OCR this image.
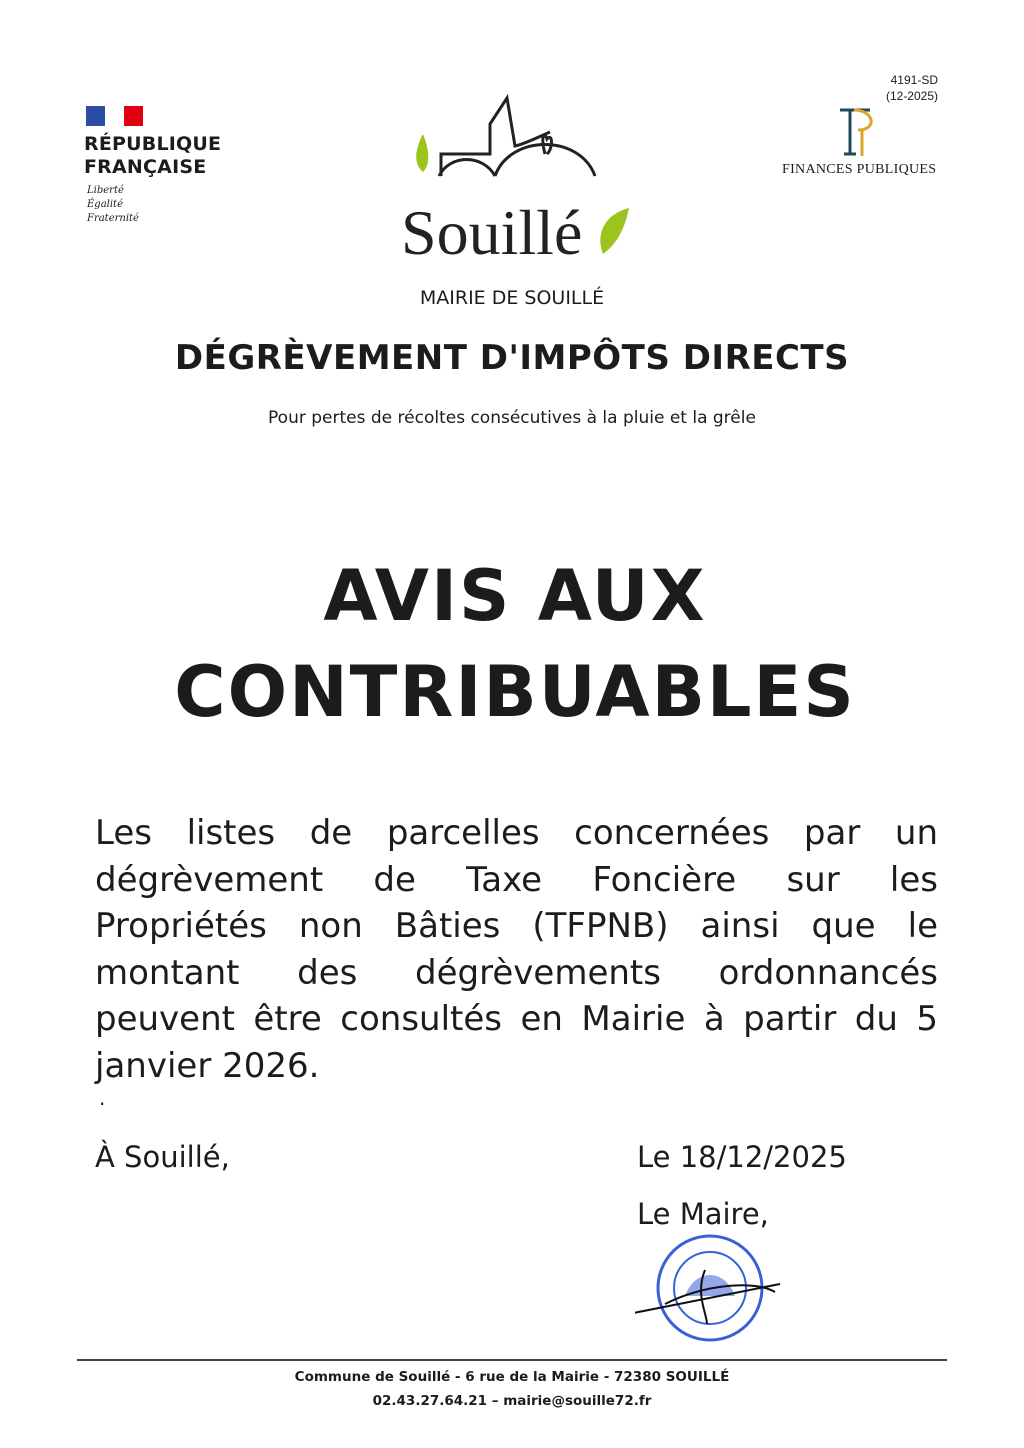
RÉPUBLIQUE
FRANÇAISE
Liberté
Égalité
Fraternité
4191-SD
(12-2025)
FINANCES PUBLIQUES
Souillé
MAIRIE DE SOUILLÉ
DÉGRÈVEMENT D'IMPÔTS DIRECTS
Pour pertes de récoltes consécutives à la pluie et la grêle
AVIS AUX
CONTRIBUABLES
Les listes de parcelles concernées par un
dégrèvement de Taxe Foncière sur les
Propriétés non Bâties (TFPNB) ainsi que le
montant des dégrèvements ordonnancés
peuvent être consultés en Mairie à partir du 5
janvier 2026.
·
À Souillé,	Le 18/12/2025
Le Maire,
Commune de Souillé - 6 rue de la Mairie - 72380 SOUILLÉ
02.43.27.64.21 – mairie@souille72.fr
